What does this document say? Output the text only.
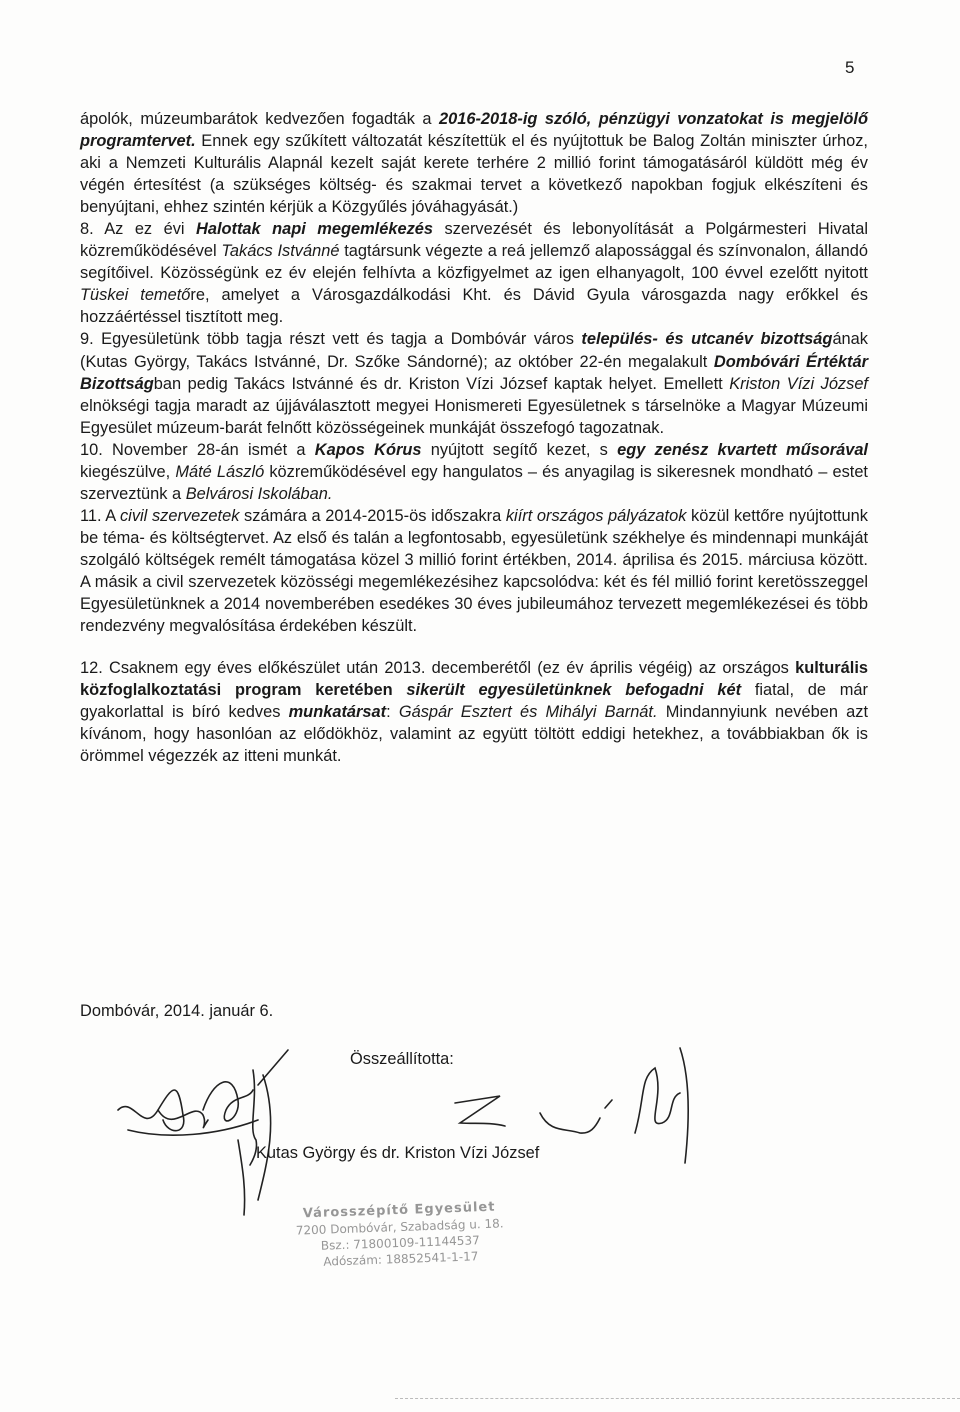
5

ápolók, múzeumbarátok kedvezően fogadták a 2016-2018-ig szóló, pénzügyi vonzatokat is megjelölő programtervet. Ennek egy szűkített változatát készítettük el és nyújtottuk be Balog Zoltán miniszter úrhoz, aki a Nemzeti Kulturális Alapnál kezelt saját kerete terhére 2 millió forint támogatásáról küldött még év végén értesítést (a szükséges költség- és szakmai tervet a következő napokban fogjuk elkészíteni és benyújtani, ehhez szintén kérjük a Közgyűlés jóváhagyását.)

8. Az ez évi Halottak napi megemlékezés szervezését és lebonyolítását a Polgármesteri Hivatal közreműködésével Takács Istvánné tagtársunk végezte a reá jellemző alapossággal és színvonalon, állandó segítőivel. Közösségünk ez év elején felhívta a közfigyelmet az igen elhanyagolt, 100 évvel ezelőtt nyitott Tüskei temetőre, amelyet a Városgazdálkodási Kht. és Dávid Gyula városgazda nagy erőkkel és hozzáértéssel tisztított meg.

9. Egyesületünk több tagja részt vett és tagja a Dombóvár város település- és utcanév bizottságának (Kutas György, Takács Istvánné, Dr. Szőke Sándorné); az október 22-én megalakult Dombóvári Értéktár Bizottságban pedig Takács Istvánné és dr. Kriston Vízi József kaptak helyet. Emellett Kriston Vízi József elnökségi tagja maradt az újjáválasztott megyei Honismereti Egyesületnek s társelnöke a Magyar Múzeumi Egyesület múzeum-barát felnőtt közösségeinek munkáját összefogó tagozatnak.

10. November 28-án ismét a Kapos Kórus nyújtott segítő kezet, s egy zenész kvartett műsorával kiegészülve, Máté László közreműködésével egy hangulatos – és anyagilag is sikeresnek mondható – estet szerveztünk a Belvárosi Iskolában.

11. A civil szervezetek számára a 2014-2015-ös időszakra kiírt országos pályázatok közül kettőre nyújtottunk be téma- és költségtervet. Az első és talán a legfontosabb, egyesületünk székhelye és mindennapi munkáját szolgáló költségek remélt támogatása közel 3 millió forint értékben, 2014. áprilisa és 2015. márciusa között. A másik a civil szervezetek közösségi megemlékezésihez kapcsolódva: két és fél millió forint keretösszeggel Egyesületünknek a 2014 novemberében esedékes 30 éves jubileumához tervezett megemlékezései és több rendezvény megvalósítása érdekében készült.

12. Csaknem egy éves előkészület után 2013. decemberétől (ez év április végéig) az országos kulturális közfoglalkoztatási program keretében sikerült egyesületünknek befogadni két fiatal, de már gyakorlattal is bíró kedves munkatársat: Gáspár Esztert és Mihályi Barnát. Mindannyiunk nevében azt kívánom, hogy hasonlóan az elődökhöz, valamint az együtt töltött eddigi hetekhez, a továbbiakban ők is örömmel végezzék az itteni munkát.

Dombóvár, 2014. január 6.
Összeállította:
Kutas György és dr. Kriston Vízi József
Városszépítő Egyesület
7200 Dombóvár, Szabadság u. 18.
Bsz.: 71800109-11144537
Adószám: 18852541-1-17
